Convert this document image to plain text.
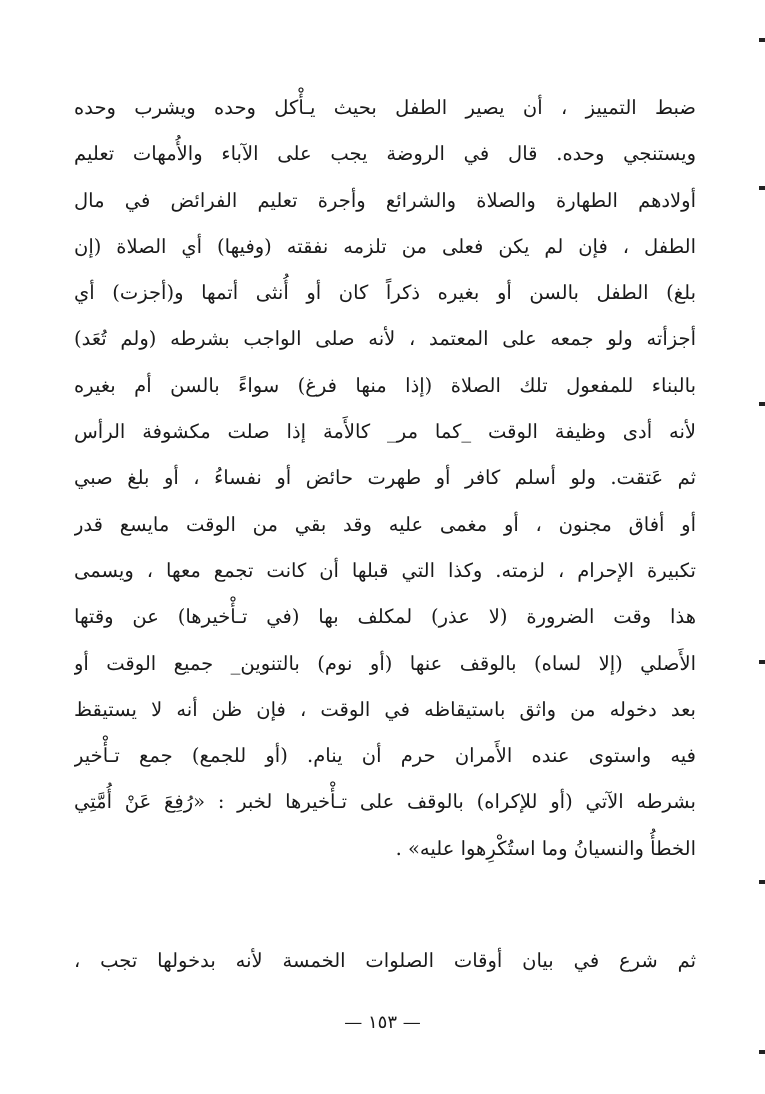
ضبط التمييز ، أن يصير الطفل بحيث يـأْكل وحده ويشرب وحده
ويستنجي وحده. قال في الروضة يجب على الآباء والأُمهات تعليم
أولادهم الطهارة والصلاة والشرائع وأجرة تعليم الفرائض في مال
الطفل ، فإن لم يكن فعلى من تلزمه نفقته (وفيها) أي الصلاة (إن
بلغ) الطفل بالسن أو بغيره ذكراً كان أو أُنثى أتمها و(أجزت) أي
أجزأته ولو جمعه على المعتمد ، لأنه صلى الواجب بشرطه (ولم تُعَد)
بالبناء للمفعول تلك الصلاة (إذا منها فرغ) سواءً بالسن أم بغيره
لأنه أدى وظيفة الوقت _كما مر_ كالأَمة إذا صلت مكشوفة الرأس
ثم عَتقت. ولو أسلم كافر أو طهرت حائض أو نفساءُ ، أو بلغ صبي
أو أفاق مجنون ، أو مغمى عليه وقد بقي من الوقت مايسع قدر
تكبيرة الإحرام ، لزمته. وكذا التي قبلها أن كانت تجمع معها ، ويسمى
هذا وقت الضرورة (لا عذر) لمكلف بها (في تـأْخيرها) عن وقتها
الأَصلي (إلا لساه) بالوقف عنها (أو نوم) بالتنوين_ جميع الوقت أو
بعد دخوله من واثق باستيقاظه في الوقت ، فإن ظن أنه لا يستيقظ
فيه واستوى عنده الأَمران حرم أن ينام. (أو للجمع) جمع تـأْخير
بشرطه الآتي (أو للإكراه) بالوقف على تـأْخيرها لخبر : «رُفِعَ عَنْ أُمَّتِي
الخطأُ والنسيانُ وما استُكْرِهوا عليه» .
ثم شرع في بيان أوقات الصلوات الخمسة لأنه بدخولها تجب ،
— ١٥٣ —
